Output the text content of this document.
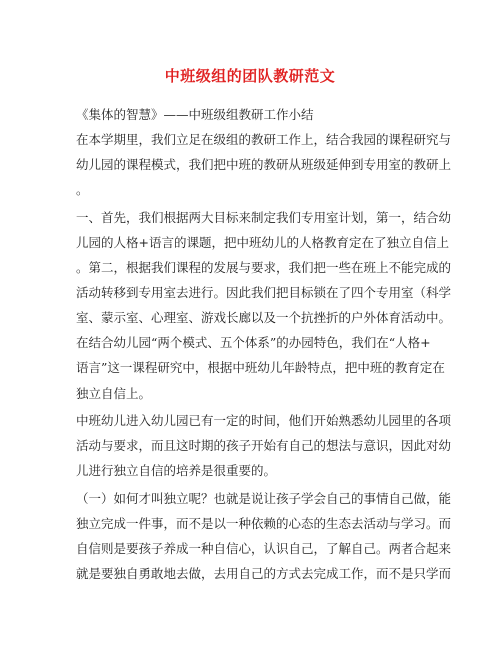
中班级组的团队教研范文
《集体的智慧》——中班级组教研工作小结
在本学期里，我们立足在级组的教研工作上，结合我园的课程研究与
幼儿园的课程模式，我们把中班的教研从班级延伸到专用室的教研上
。
一、首先，我们根据两大目标来制定我们专用室计划，第一，结合幼
儿园的人格+语言的课题，把中班幼儿的人格教育定在了独立自信上
。第二，根据我们课程的发展与要求，我们把一些在班上不能完成的
活动转移到专用室去进行。因此我们把目标锁在了四个专用室（科学
室、蒙示室、心理室、游戏长廊以及一个抗挫折的户外体育活动中。
在结合幼儿园“两个模式、五个体系”的办园特色，我们在“人格+
语言”这一课程研究中，根据中班幼儿年龄特点，把中班的教育定在
独立自信上。
中班幼儿进入幼儿园已有一定的时间，他们开始熟悉幼儿园里的各项
活动与要求，而且这时期的孩子开始有自己的想法与意识，因此对幼
儿进行独立自信的培养是很重要的。
（一）如何才叫独立呢？也就是说让孩子学会自己的事情自己做，能
独立完成一件事，而不是以一种依赖的心态的生态去活动与学习。而
自信则是要孩子养成一种自信心，认识自己，了解自己。两者合起来
就是要独自勇敢地去做，去用自己的方式去完成工作，而不是只学而
